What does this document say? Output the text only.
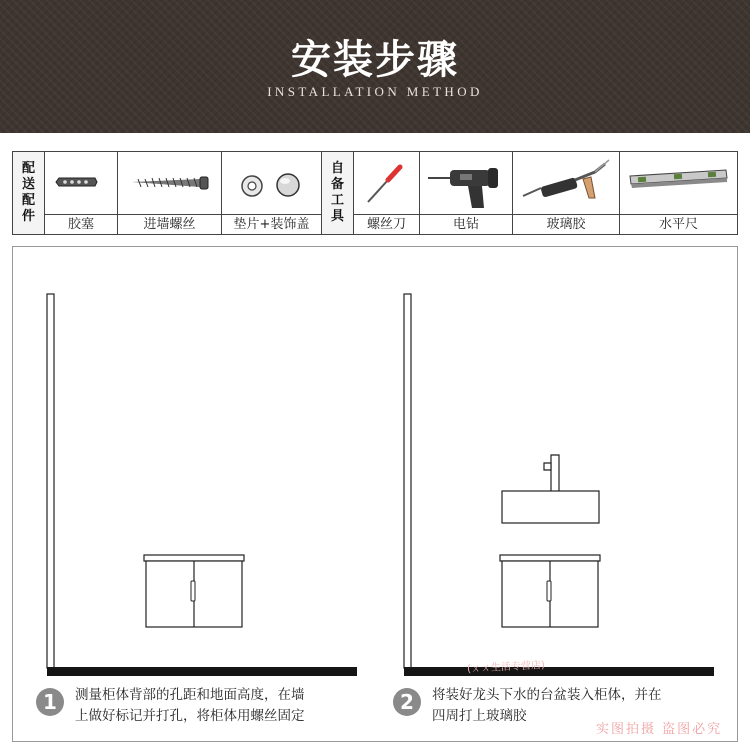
安装步骤
INSTALLATION METHOD
配送配件
胶塞	进墙螺丝	垫片+装饰盖
自备工具
螺丝刀	电钻	玻璃胶	水平尺
1	测量柜体背部的孔距和地面高度，在墙
上做好标记并打孔，将柜体用螺丝固定
2	将装好龙头下水的台盆装入柜体，并在
四周打上玻璃胶
(ㄨㄨ生活专营店)
实图拍摄 盗图必究
